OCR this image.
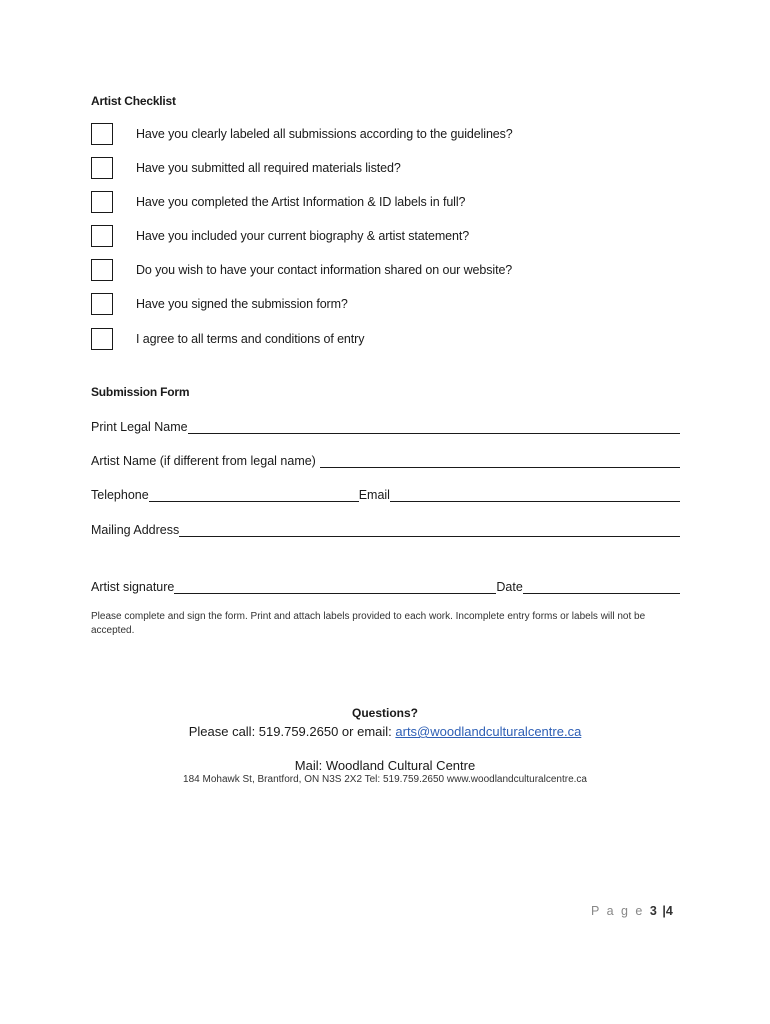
Artist Checklist
Have you clearly labeled all submissions according to the guidelines?
Have you submitted all required materials listed?
Have you completed the Artist Information & ID labels in full?
Have you included your current biography & artist statement?
Do you wish to have your contact information shared on our website?
Have you signed the submission form?
I agree to all terms and conditions of entry
Submission Form
Print Legal Name
Artist Name (if different from legal name)
Telephone	Email
Mailing Address
Artist signature	Date
Please complete and sign the form. Print and attach labels provided to each work. Incomplete entry forms or labels will not be accepted.
Questions?
Please call: 519.759.2650 or email: arts@woodlandculturalcentre.ca
Mail: Woodland Cultural Centre
184 Mohawk St, Brantford, ON N3S 2X2 Tel: 519.759.2650 www.woodlandculturalcentre.ca
P a g e 3 |4
